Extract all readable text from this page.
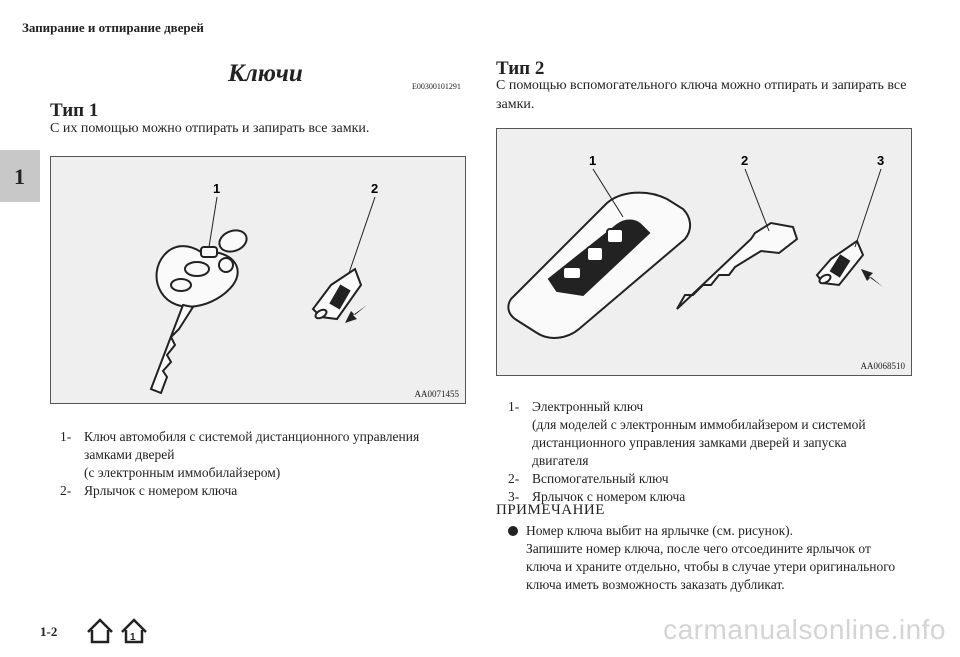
Запирание и отпирание дверей
1
Ключи	E00300101291
Тип 1
С их помощью можно отпирать и запирать все замки.
1	2
AA0071455
1- Ключ автомобиля с системой дистанционного управления
замками дверей
(с электронным иммобилайзером)
2- Ярлычок с номером ключа
Тип 2
С помощью вспомогательного ключа можно отпирать и запирать все
замки.
1	2	3
AA0068510
1- Электронный ключ
(для моделей с электронным иммобилайзером и системой
дистанционного управления замками дверей и запуска
двигателя
2- Вспомогательный ключ
3- Ярлычок с номером ключа
ПРИМЕЧАНИЕ
Номер ключа выбит на ярлычке (см. рисунок).
Запишите номер ключа, после чего отсоедините ярлычок от
ключа и храните отдельно, чтобы в случае утери оригинального
ключа иметь возможность заказать дубликат.
1-2	1	carmanualsonline.info
